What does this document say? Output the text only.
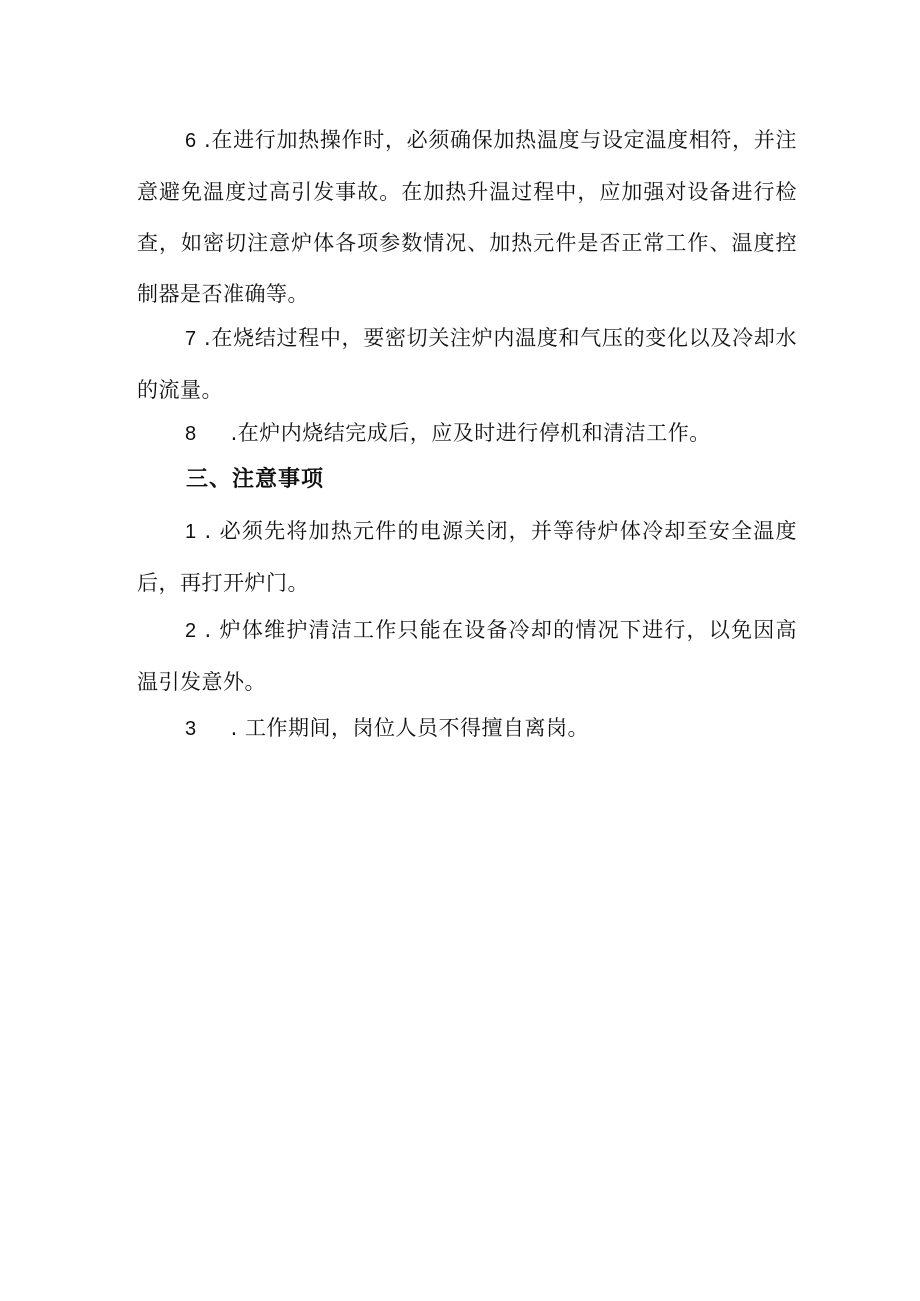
6 .在进行加热操作时，必须确保加热温度与设定温度相符，并注意避免温度过高引发事故。在加热升温过程中，应加强对设备进行检查，如密切注意炉体各项参数情况、加热元件是否正常工作、温度控制器是否准确等。

7 .在烧结过程中，要密切关注炉内温度和气压的变化以及冷却水的流量。

8 .在炉内烧结完成后，应及时进行停机和清洁工作。

三、注意事项

1 . 必须先将加热元件的电源关闭，并等待炉体冷却至安全温度后，再打开炉门。

2 . 炉体维护清洁工作只能在设备冷却的情况下进行，以免因高温引发意外。

3 . 工作期间，岗位人员不得擅自离岗。
